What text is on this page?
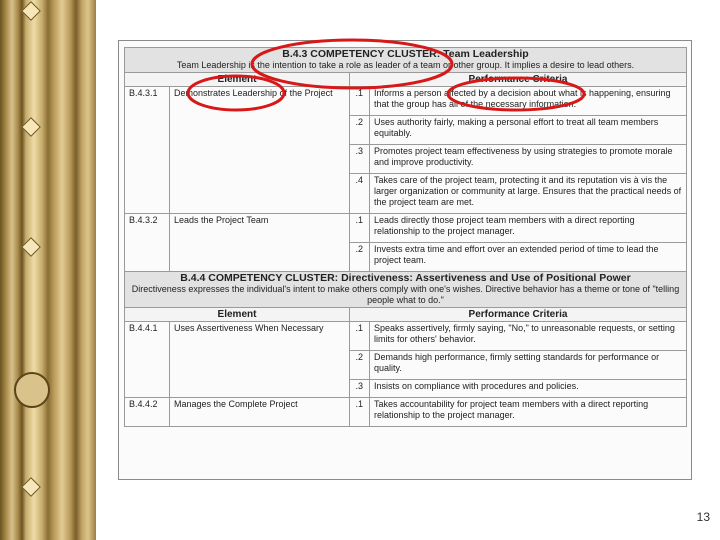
B.4.3 COMPETENCY CLUSTER: Team Leadership
Team Leadership is the intention to take a role as leader of a team or other group. It implies a desire to lead others.			
Element		Performance Criteria	
B.4.3.1	Demonstrates Leadership of the Project	.1	Informs a person affected by a decision about what is happening, ensuring that the group has all of the necessary information.
		.2	Uses authority fairly, making a personal effort to treat all team members equitably.
		.3	Promotes project team effectiveness by using strategies to promote morale and improve productivity.
		.4	Takes care of the project team, protecting it and its reputation vis à vis the larger organization or community at large. Ensures that the practical needs of the project team are met.
B.4.3.2	Leads the Project Team	.1	Leads directly those project team members with a direct reporting relationship to the project manager.
		.2	Invests extra time and effort over an extended period of time to lead the project team.

B.4.4 COMPETENCY CLUSTER: Directiveness: Assertiveness and Use of Positional Power
Directiveness expresses the individual's intent to make others comply with one's wishes. Directive behavior has a theme or tone of "telling people what to do."			
Element		Performance Criteria	
B.4.4.1	Uses Assertiveness When Necessary	.1	Speaks assertively, firmly saying, "No," to unreasonable requests, or setting limits for others' behavior.
		.2	Demands high performance, firmly setting standards for performance or quality.
		.3	Insists on compliance with procedures and policies.
B.4.4.2	Manages the Complete Project	.1	Takes accountability for project team members with a direct reporting relationship to the project manager.
13
